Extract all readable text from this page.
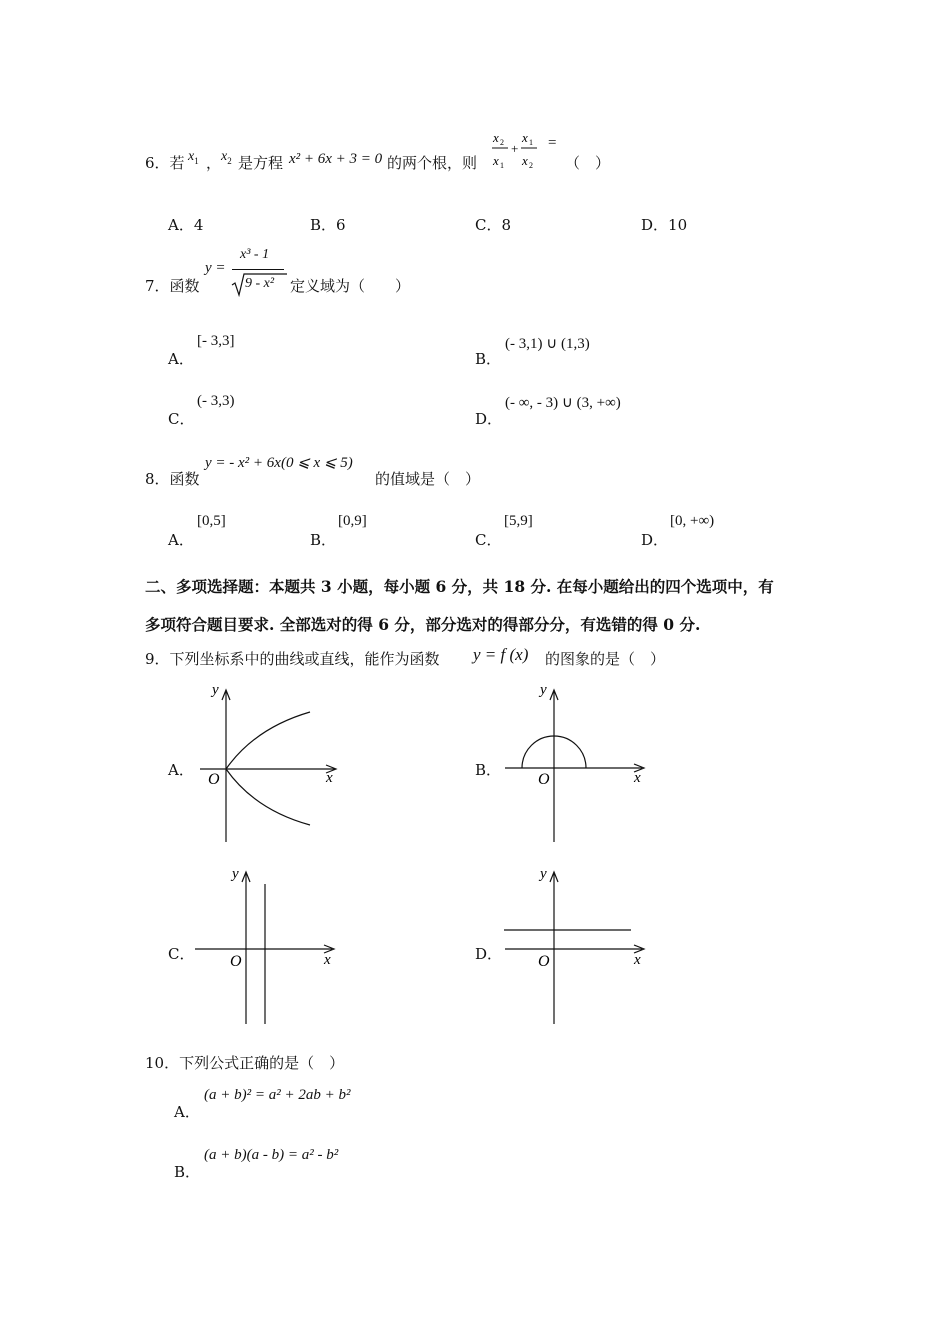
6．若 $x_1$ ， $x_2$ 是方程 x² + 6x + 3 = 0 的两个根，则
x 2
x 1
+
x 1
x 2
=
（　）
A．4	B．6	C．8	D．10
7．函数
y =
x³ - 1
9 - x² 定义域为（　　）
A．
[- 3,3]
B．
(- 3,1) ∪ (1,3)
C．
(- 3,3)
D．
(- ∞, - 3) ∪ (3, +∞)
8．函数
y = - x² + 6x(0 ⩽ x ⩽ 5)
的值域是（　）
A．
[0,5]
B．
[0,9]
C．
[5,9]
D．
[0, +∞)
二、多项选择题：本题共 3 小题，每小题 6 分，共 18 分. 在每小题给出的四个选项中，有
多项符合题目要求. 全部选对的得 6 分，部分选对的得部分分，有选错的得 0 分.
9．下列坐标系中的曲线或直线，能作为函数 y = f (x) 的图象的是（　）
A．	B．
C．	D．
y
x
O
y
x
O
y
x
O
y
x
O
10．下列公式正确的是（　）
A．
(a + b)² = a² + 2ab + b²
B．
(a + b)(a - b) = a² - b²
